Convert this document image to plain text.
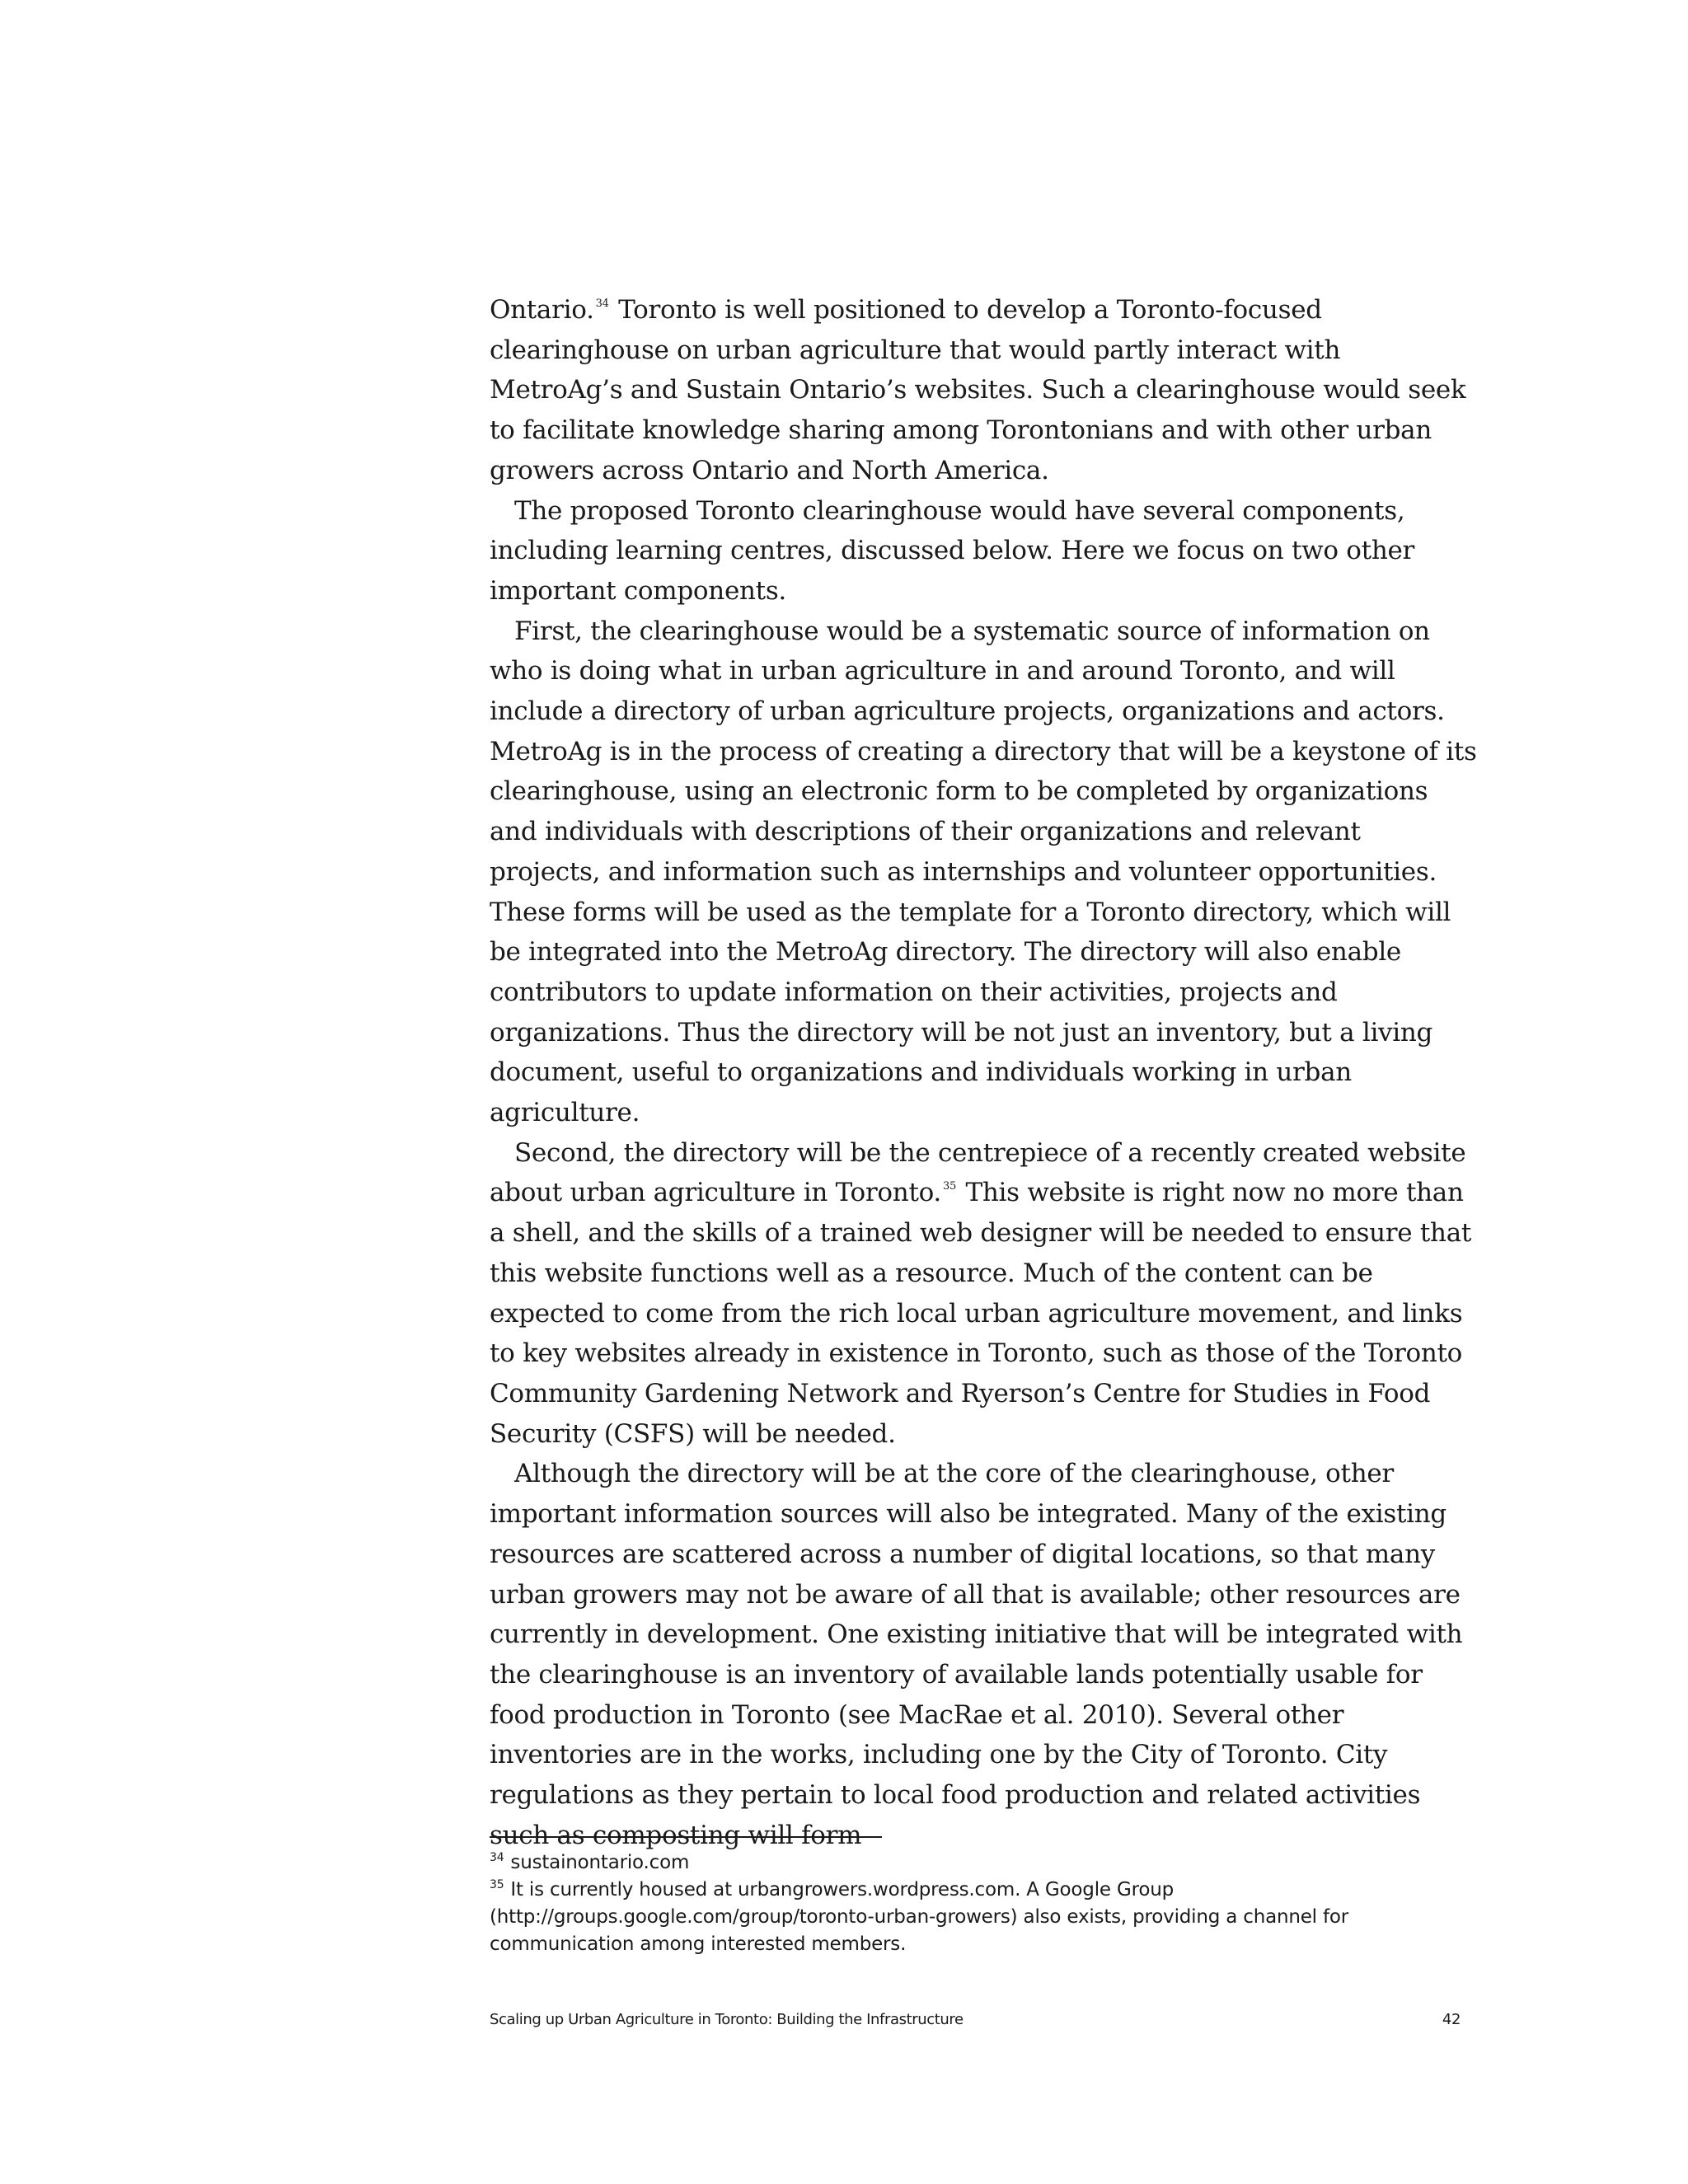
Ontario. $^{34}$ Toronto is well positioned to develop a Toronto-focused clearinghouse on urban agriculture that would partly interact with MetroAg’s and Sustain Ontario’s websites. Such a clearinghouse would seek to facilitate knowledge sharing among Torontonians and with other urban growers across Ontario and North America.

The proposed Toronto clearinghouse would have several components, including learning centres, discussed below. Here we focus on two other important components.

First, the clearinghouse would be a systematic source of information on who is doing what in urban agriculture in and around Toronto, and will include a directory of urban agriculture projects, organizations and actors. MetroAg is in the process of creating a directory that will be a keystone of its clearinghouse, using an electronic form to be completed by organizations and individuals with descriptions of their organizations and relevant projects, and information such as internships and volunteer opportunities. These forms will be used as the template for a Toronto directory, which will be integrated into the MetroAg directory. The directory will also enable contributors to update information on their activities, projects and organizations. Thus the directory will be not just an inventory, but a living document, useful to organizations and individuals working in urban agriculture.

Second, the directory will be the centrepiece of a recently created website about urban agriculture in Toronto. $^{35}$ This website is right now no more than a shell, and the skills of a trained web designer will be needed to ensure that this website functions well as a resource. Much of the content can be expected to come from the rich local urban agriculture movement, and links to key websites already in existence in Toronto, such as those of the Toronto Community Gardening Network and Ryerson’s Centre for Studies in Food Security (CSFS) will be needed.

Although the directory will be at the core of the clearinghouse, other important information sources will also be integrated. Many of the existing resources are scattered across a number of digital locations, so that many urban growers may not be aware of all that is available; other resources are currently in development. One existing initiative that will be integrated with the clearinghouse is an inventory of available lands potentially usable for food production in Toronto (see MacRae et al. 2010). Several other inventories are in the works, including one by the City of Toronto. City regulations as they pertain to local food production and related activities such as composting will form

$^{34}$ sustainontario.com

$^{35}$ It is currently housed at urbangrowers.wordpress.com. A Google Group (http://groups.google.com/group/toronto-urban-growers) also exists, providing a channel for communication among interested members.

Scaling up Urban Agriculture in Toronto: Building the Infrastructure	42
